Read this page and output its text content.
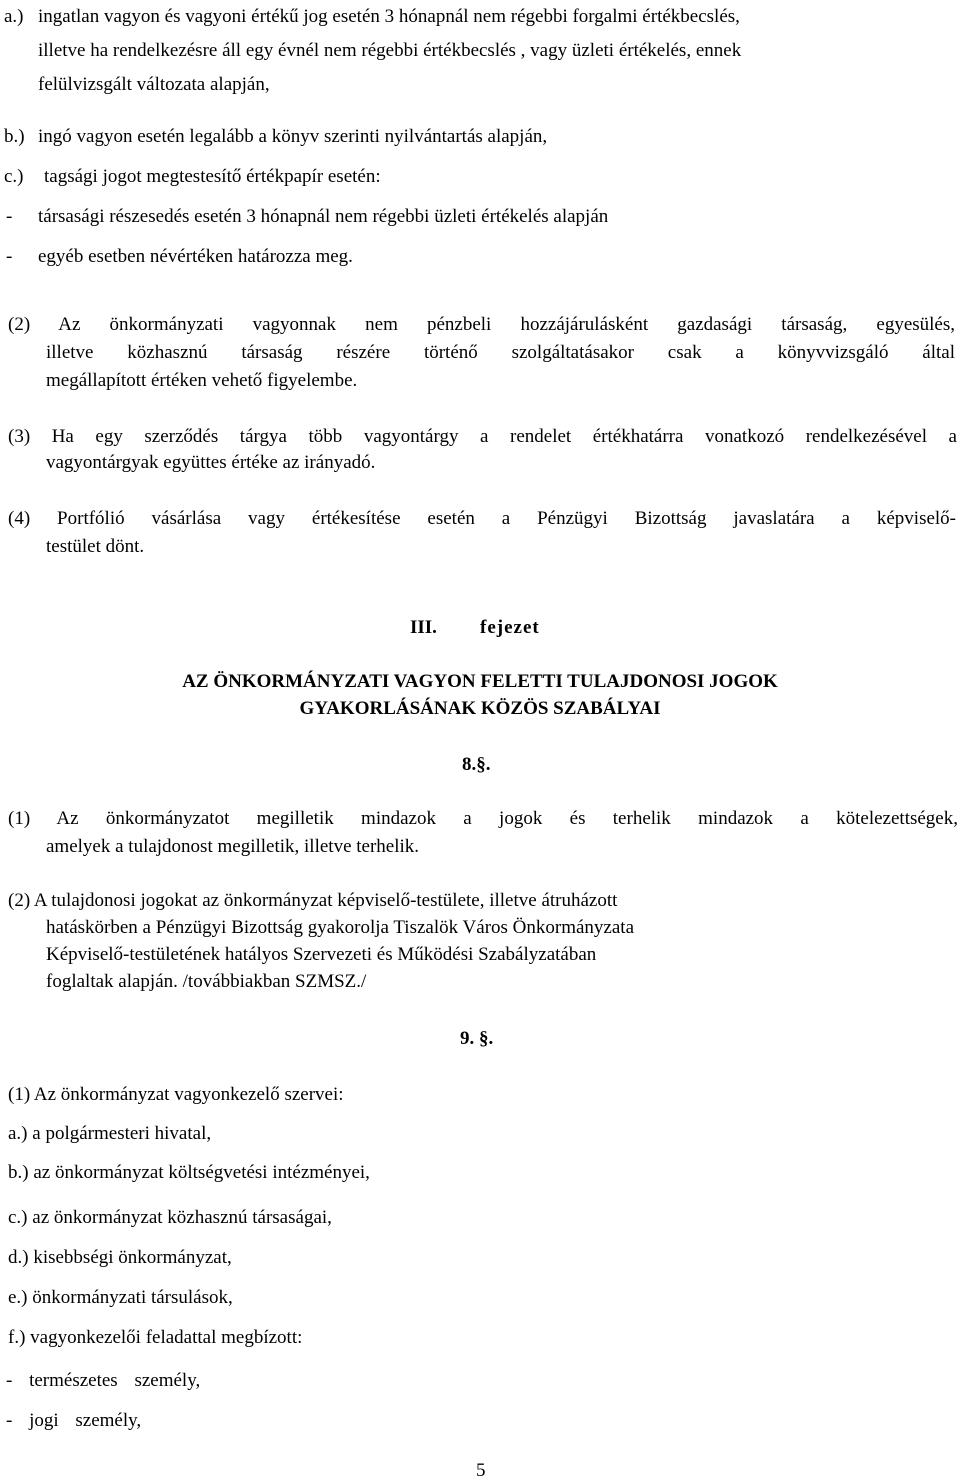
a.) ingatlan vagyon és vagyoni értékű jog esetén 3 hónapnál nem régebbi forgalmi értékbecslés,
illetve ha rendelkezésre áll egy évnél nem régebbi értékbecslés , vagy üzleti értékelés, ennek
felülvizsgált változata alapján,
b.) ingó vagyon esetén legalább a könyv szerinti nyilvántartás alapján,
c.) tagsági jogot megtestesítő értékpapír esetén:
- társasági részesedés esetén 3 hónapnál nem régebbi üzleti értékelés alapján
- egyéb esetben névértéken határozza meg.
(2) Az önkormányzati vagyonnak nem pénzbeli hozzájárulásként gazdasági társaság, egyesülés,
illetve közhasznú társaság részére történő szolgáltatásakor csak a könyvvizsgáló által
megállapított értéken vehető figyelembe.
(3) Ha egy szerződés tárgya több vagyontárgy a rendelet értékhatárra vonatkozó rendelkezésével a
vagyontárgyak együttes értéke az irányadó.
(4) Portfólió vásárlása vagy értékesítése esetén a Pénzügyi Bizottság javaslatára a képviselő-
testület dönt.
III. fejezet
AZ ÖNKORMÁNYZATI VAGYON FELETTI TULAJDONOSI JOGOK
GYAKORLÁSÁNAK KÖZÖS SZABÁLYAI
8.§.
(1) Az önkormányzatot megilletik mindazok a jogok és terhelik mindazok a kötelezettségek,
amelyek a tulajdonost megilletik, illetve terhelik.
(2) A tulajdonosi jogokat az önkormányzat képviselő-testülete, illetve átruházott
hatáskörben a Pénzügyi Bizottság gyakorolja Tiszalök Város Önkormányzata
Képviselő-testületének hatályos Szervezeti és Működési Szabályzatában
foglaltak alapján. /továbbiakban SZMSZ./
9. §.
(1) Az önkormányzat vagyonkezelő szervei:
a.) a polgármesteri hivatal,
b.) az önkormányzat költségvetési intézményei,
c.) az önkormányzat közhasznú társaságai,
d.) kisebbségi önkormányzat,
e.) önkormányzati társulások,
f.) vagyonkezelői feladattal megbízott:
- természetes személy,
- jogi személy,
5
